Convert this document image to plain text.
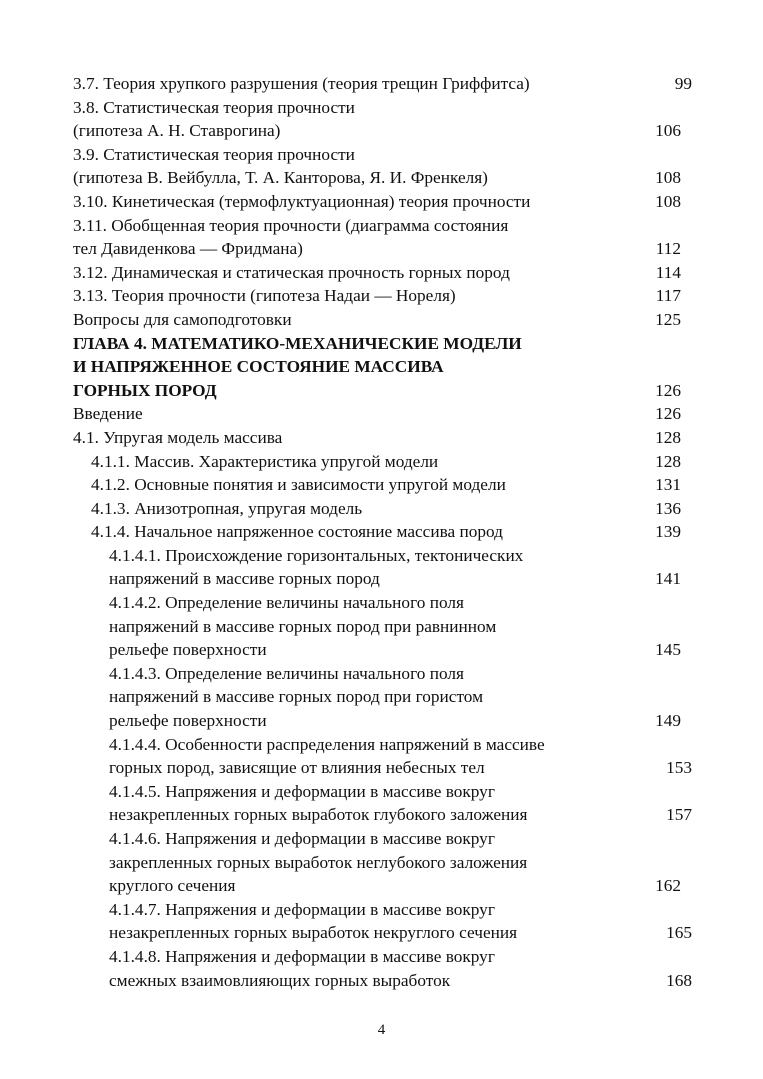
3.7. Теория хрупкого разрушения (теория трещин Гриффитса)	99
3.8. Статистическая теория прочности
(гипотеза А. Н. Ставрогина)	106
3.9. Статистическая теория прочности
(гипотеза В. Вейбулла, Т. А. Канторова, Я. И. Френкеля)	108
3.10. Кинетическая (термофлуктуационная) теория прочности	108
3.11. Обобщенная теория прочности (диаграмма состояния
тел Давиденкова — Фридмана)	112
3.12. Динамическая и статическая прочность горных пород	114
3.13. Теория прочности (гипотеза Надаи — Нореля)	117
Вопросы для самоподготовки	125
ГЛАВА 4. МАТЕМАТИКО-МЕХАНИЧЕСКИЕ МОДЕЛИ
И НАПРЯЖЕННОЕ СОСТОЯНИЕ МАССИВА
ГОРНЫХ ПОРОД	126
Введение	126
4.1. Упругая модель массива	128
4.1.1. Массив. Характеристика упругой модели	128
4.1.2. Основные понятия и зависимости упругой модели	131
4.1.3. Анизотропная, упругая модель	136
4.1.4. Начальное напряженное состояние массива пород	139
4.1.4.1. Происхождение горизонтальных, тектонических
напряжений в массиве горных пород	141
4.1.4.2. Определение величины начального поля
напряжений в массиве горных пород при равнинном
рельефе поверхности	145
4.1.4.3. Определение величины начального поля
напряжений в массиве горных пород при гористом
рельефе поверхности	149
4.1.4.4. Особенности распределения напряжений в массиве
горных пород, зависящие от влияния небесных тел	153
4.1.4.5. Напряжения и деформации в массиве вокруг
незакрепленных горных выработок глубокого заложения	157
4.1.4.6. Напряжения и деформации в массиве вокруг
закрепленных горных выработок неглубокого заложения
круглого сечения	162
4.1.4.7. Напряжения и деформации в массиве вокруг
незакрепленных горных выработок некруглого сечения	165
4.1.4.8. Напряжения и деформации в массиве вокруг
смежных взаимовлияющих горных выработок	168
4
